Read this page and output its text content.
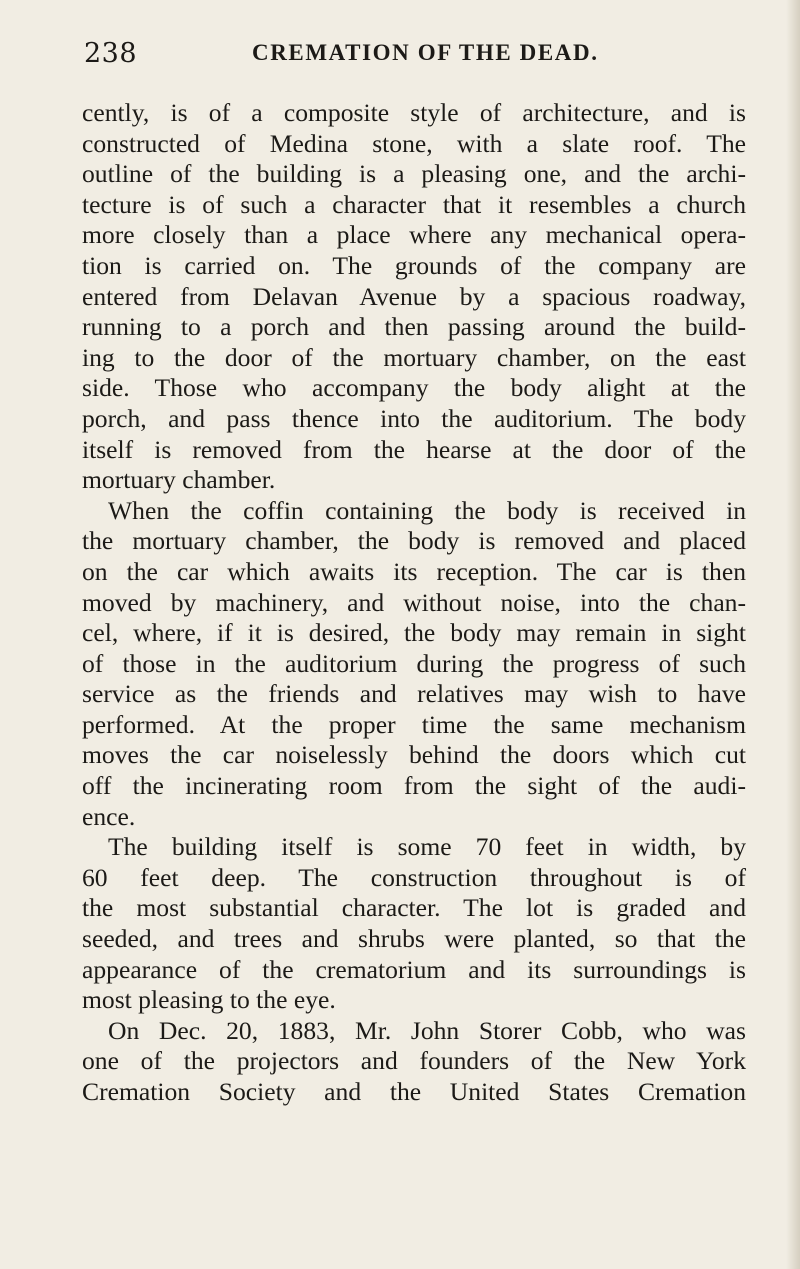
238	CREMATION OF THE DEAD.
cently, is of a composite style of architecture, and is
constructed of Medina stone, with a slate roof. The
outline of the building is a pleasing one, and the archi-
tecture is of such a character that it resembles a church
more closely than a place where any mechanical opera-
tion is carried on. The grounds of the company are
entered from Delavan Avenue by a spacious roadway,
running to a porch and then passing around the build-
ing to the door of the mortuary chamber, on the east
side. Those who accompany the body alight at the
porch, and pass thence into the auditorium. The body
itself is removed from the hearse at the door of the
mortuary chamber.
When the coffin containing the body is received in
the mortuary chamber, the body is removed and placed
on the car which awaits its reception. The car is then
moved by machinery, and without noise, into the chan-
cel, where, if it is desired, the body may remain in sight
of those in the auditorium during the progress of such
service as the friends and relatives may wish to have
performed. At the proper time the same mechanism
moves the car noiselessly behind the doors which cut
off the incinerating room from the sight of the audi-
ence.
The building itself is some 70 feet in width, by
60 feet deep. The construction throughout is of
the most substantial character. The lot is graded and
seeded, and trees and shrubs were planted, so that the
appearance of the crematorium and its surroundings is
most pleasing to the eye.
On Dec. 20, 1883, Mr. John Storer Cobb, who was
one of the projectors and founders of the New York
Cremation Society and the United States Cremation
